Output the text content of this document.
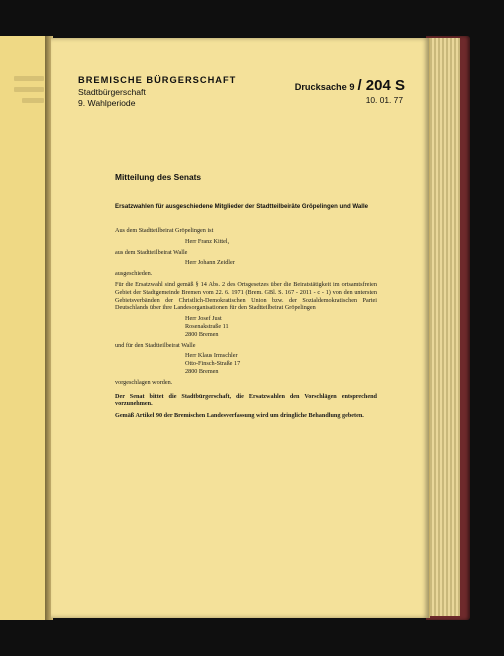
BREMISCHE BÜRGERSCHAFT
Stadtbürgerschaft
9. Wahlperiode
Drucksache 9 / 204 S
10. 01. 77
Mitteilung des Senats
Ersatzwahlen für ausgeschiedene Mitglieder der Stadtteilbeiräte Gröpelingen und Walle

Aus dem Stadtteilbeirat Gröpelingen ist

Herr Franz Kittel,

aus dem Stadtteilbeirat Walle

Herr Johann Zeidler

ausgeschieden.

Für die Ersatzwahl sind gemäß § 14 Abs. 2 des Ortsgesetzes über die Beiratstätigkeit im ortsamtsfreien Gebiet der Stadtgemeinde Bremen vom 22. 6. 1971 (Brem. GBl. S. 167 - 2011 - c - 1) von den untersten Gebietsverbänden der Christlich-Demokratischen Union bzw. der Sozialdemokratischen Partei Deutschlands über ihre Landesorganisationen für den Stadtteilbeirat Gröpelingen

Herr Josef Just

Rosenakstraße 11

2800 Bremen

und für den Stadtteilbeirat Walle

Herr Klaus Irmschler

Otto-Finsch-Straße 17

2800 Bremen

vorgeschlagen worden.

Der Senat bittet die Stadtbürgerschaft, die Ersatzwahlen den Vorschlägen entsprechend vorzunehmen.

Gemäß Artikel 90 der Bremischen Landesverfassung wird um dringliche Behandlung gebeten.
